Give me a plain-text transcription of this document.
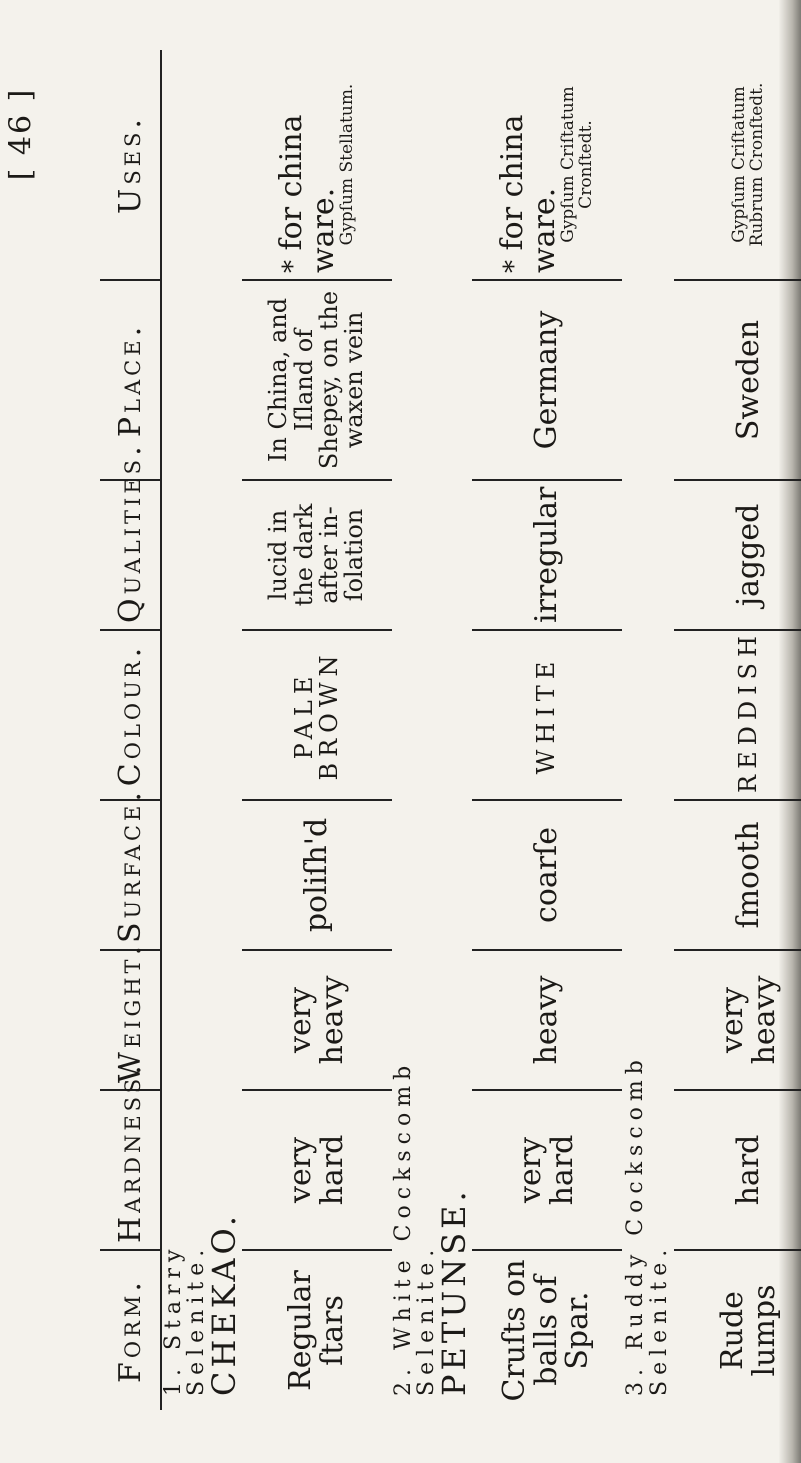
[ 46 ]
Form.	Hardness.	Weight.	Surface.	Colour.	Qualities.	Place.	Uses.
1. Starry Selenite.
CHEKAO.							
Regular ſtars	very hard	very heavy	poliſh'd	PALE BROWN	lucid in the dark after in-ſolation	In China, and Iſland of Shepey, on the waxen vein	* for china ware.
Gypſum Stellatum.

2. White Cockscomb Selenite.
PETUNSE.							
Cruſts on balls of Spar.	very hard	heavy	coarſe	WHITE	irregular	Germany	* for china ware.
Gypſum Criſtatum Cronſtedt.

3. Ruddy Cockscomb Selenite.							
Rude lumps	hard	very heavy	ſmooth	REDDISH	jagged	Sweden	Gypſum Criſtatum Rubrum Cronſtedt.
